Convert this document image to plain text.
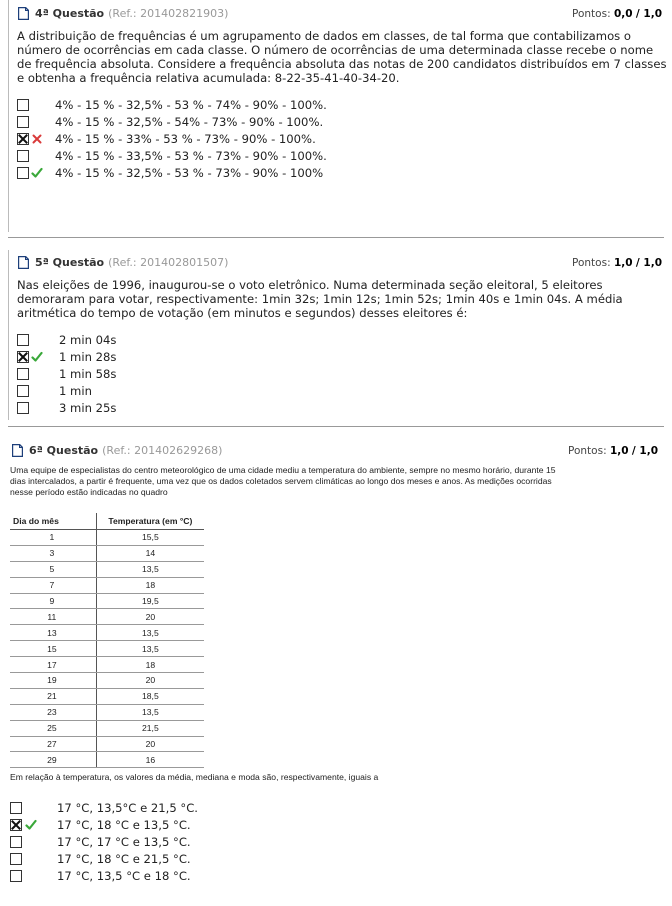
4ª Questão (Ref.: 201402821903)	Pontos: 0,0 / 1,0
A distribuição de frequências é um agrupamento de dados em classes, de tal forma que contabilizamos o
número de ocorrências em cada classe. O número de ocorrências de uma determinada classe recebe o nome
de frequência absoluta. Considere a frequência absoluta das notas de 200 candidatos distribuídos em 7 classes
e obtenha a frequência relativa acumulada: 8-22-35-41-40-34-20.
4% - 15 % - 32,5% - 53 % - 74% - 90% - 100%.
4% - 15 % - 32,5% - 54% - 73% - 90% - 100%.
4% - 15 % - 33% - 53 % - 73% - 90% - 100%.
4% - 15 % - 33,5% - 53 % - 73% - 90% - 100%.
4% - 15 % - 32,5% - 53 % - 73% - 90% - 100%
5ª Questão (Ref.: 201402801507)	Pontos: 1,0 / 1,0
Nas eleições de 1996, inaugurou-se o voto eletrônico. Numa determinada seção eleitoral, 5 eleitores
demoraram para votar, respectivamente: 1min 32s; 1min 12s; 1min 52s; 1min 40s e 1min 04s. A média
aritmética do tempo de votação (em minutos e segundos) desses eleitores é:
2 min 04s
1 min 28s
1 min 58s
1 min
3 min 25s
6ª Questão (Ref.: 201402629268)	Pontos: 1,0 / 1,0
Uma equipe de especialistas do centro meteorológico de uma cidade mediu a temperatura do ambiente, sempre no mesmo horário, durante 15
dias intercalados, a partir é frequente, uma vez que os dados coletados servem climáticas ao longo dos meses e anos. As medições ocorridas
nesse período estão indicadas no quadro
Dia do mês	Temperatura (em °C)
1	15,5
3	14
5	13,5
7	18
9	19,5
11	20
13	13,5
15	13,5
17	18
19	20
21	18,5
23	13,5
25	21,5
27	20
29	16
Em relação à temperatura, os valores da média, mediana e moda são, respectivamente, iguais a
17 °C, 13,5°C e 21,5 °C.
17 °C, 18 °C e 13,5 °C.
17 °C, 17 °C e 13,5 °C.
17 °C, 18 °C e 21,5 °C.
17 °C, 13,5 °C e 18 °C.
